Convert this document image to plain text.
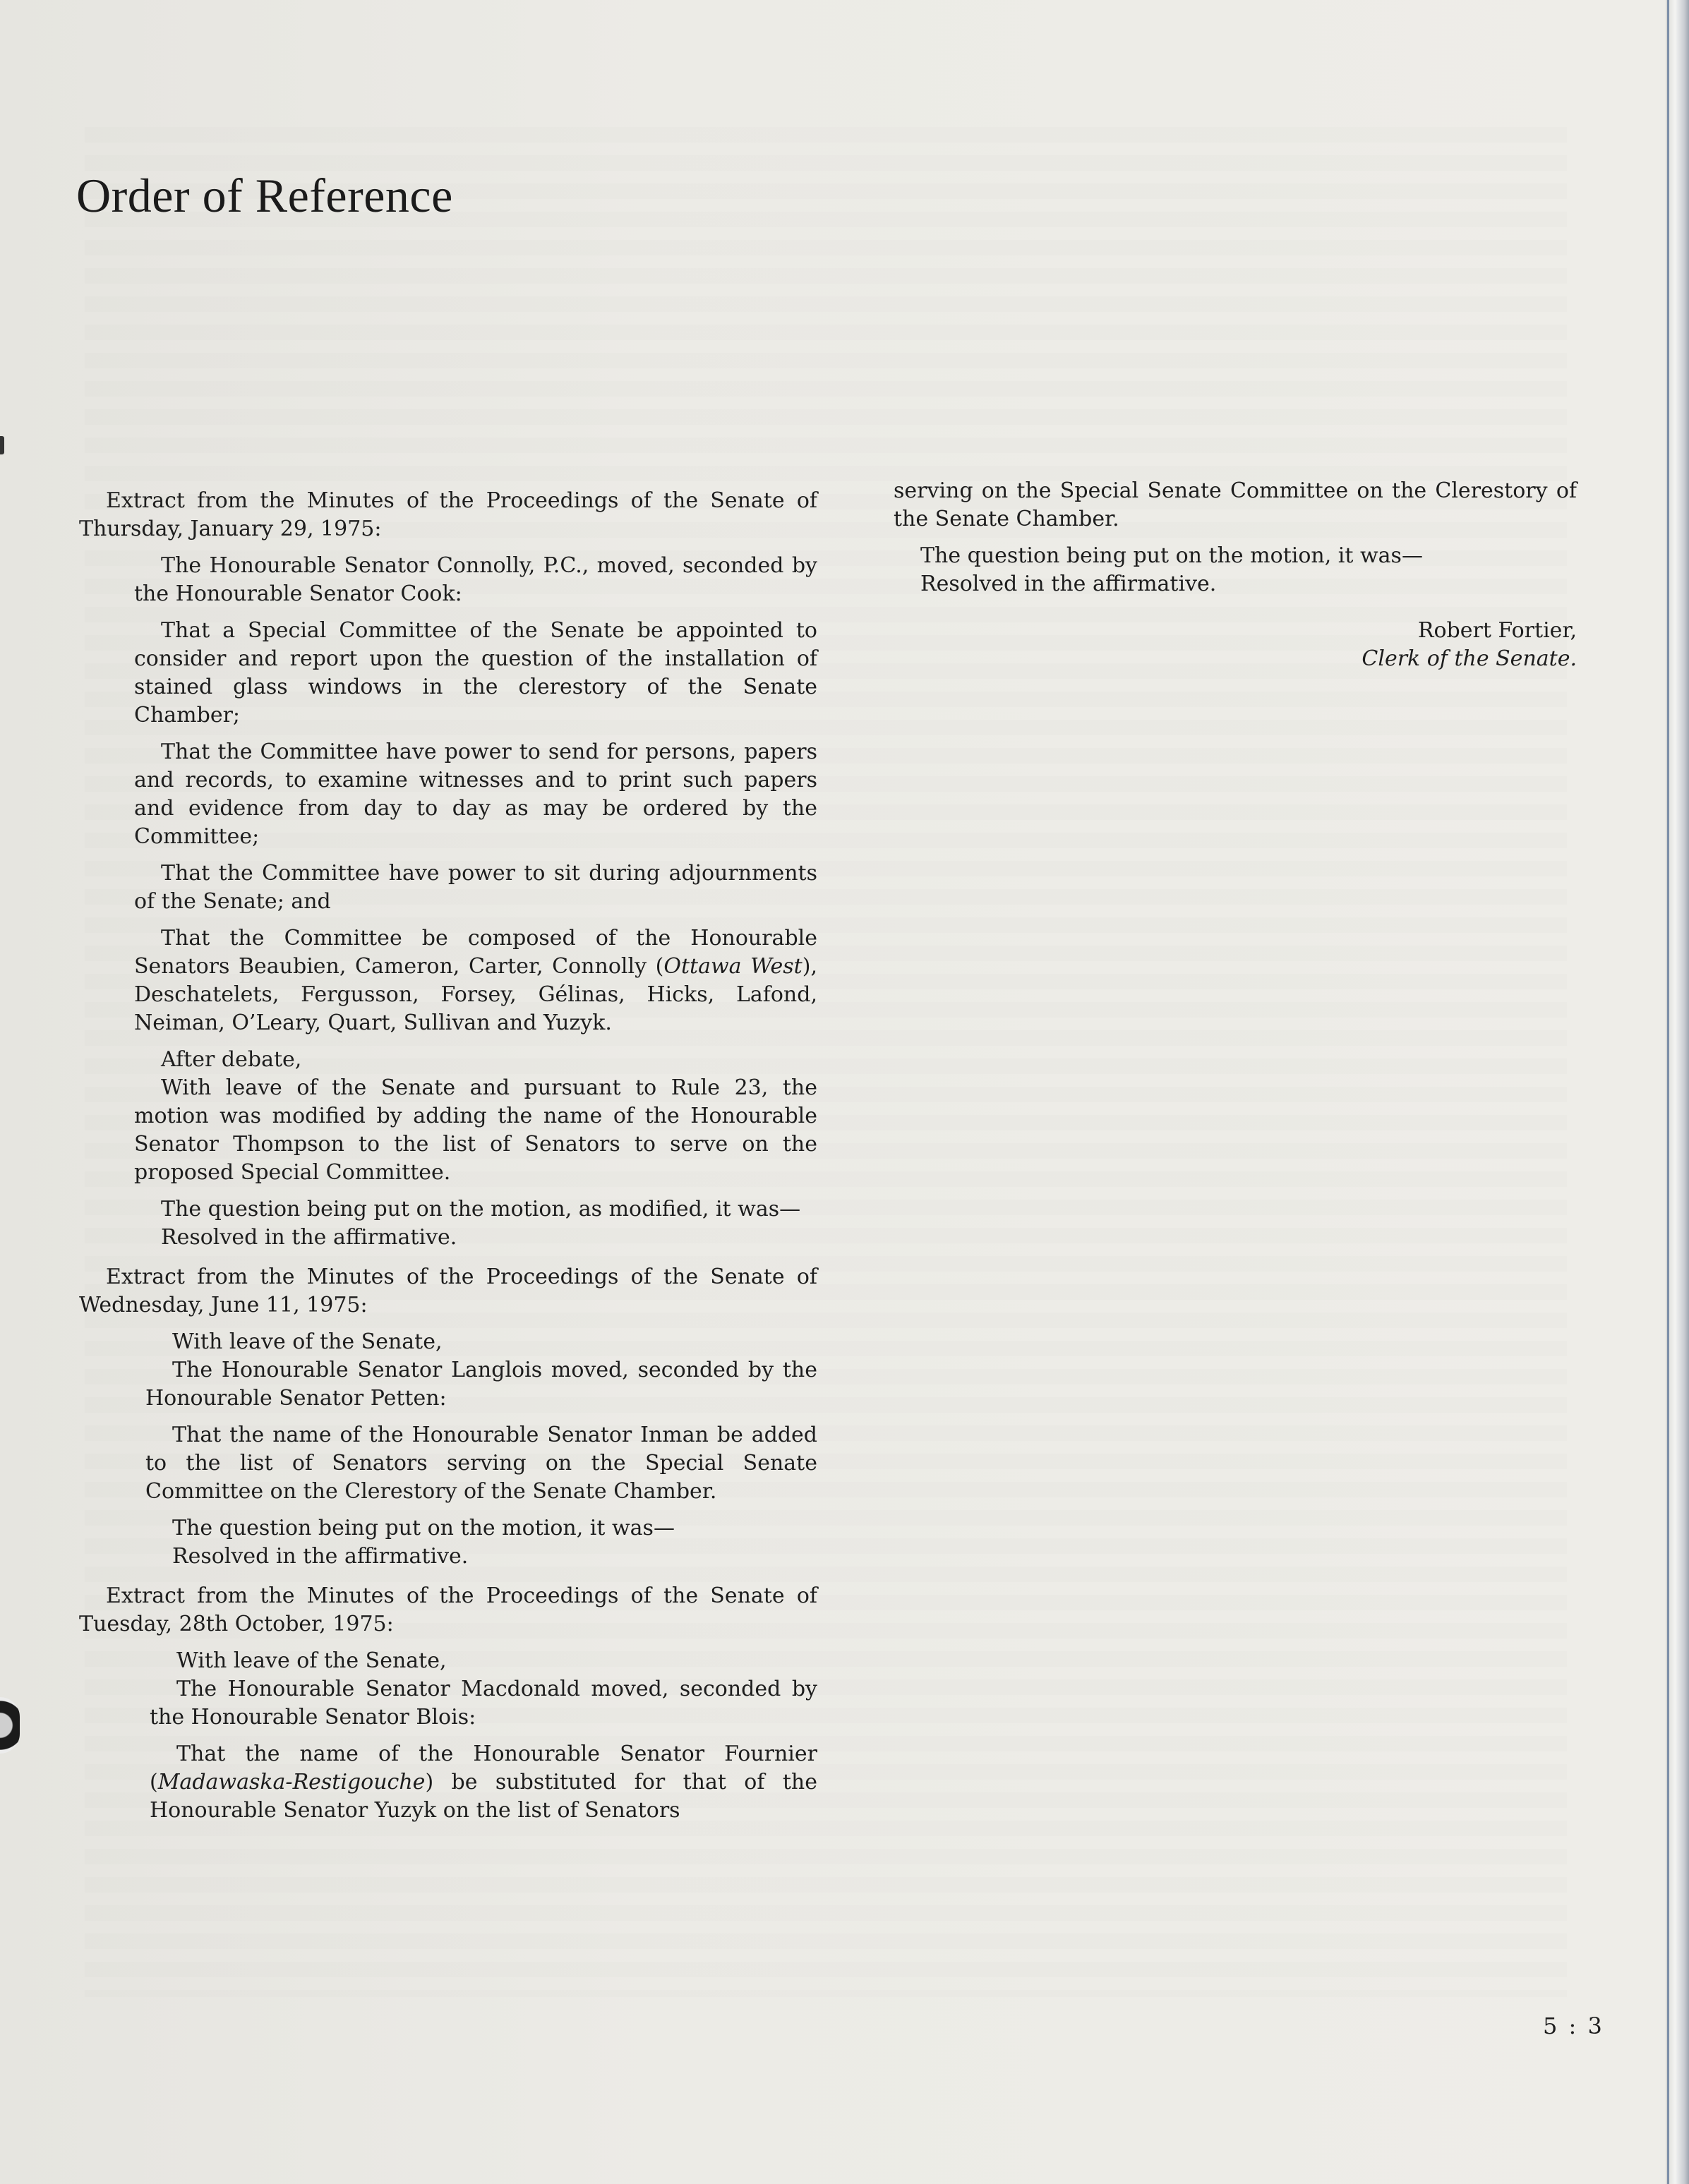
Order of Reference

Extract from the Minutes of the Proceedings of the Senate of Thursday, January 29, 1975:

The Honourable Senator Connolly, P.C., moved, seconded by the Honourable Senator Cook:

That a Special Committee of the Senate be appointed to consider and report upon the question of the installation of stained glass windows in the clerestory of the Senate Chamber;

That the Committee have power to send for persons, papers and records, to examine witnesses and to print such papers and evidence from day to day as may be ordered by the Committee;

That the Committee have power to sit during adjournments of the Senate; and

That the Committee be composed of the Honourable Senators Beaubien, Cameron, Carter, Connolly (Ottawa West), Deschatelets, Fergusson, Forsey, Gélinas, Hicks, Lafond, Neiman, O’Leary, Quart, Sullivan and Yuzyk.

After debate,

With leave of the Senate and pursuant to Rule 23, the motion was modified by adding the name of the Honourable Senator Thompson to the list of Senators to serve on the proposed Special Committee.

The question being put on the motion, as modified, it was—

Resolved in the affirmative.

Extract from the Minutes of the Proceedings of the Senate of Wednesday, June 11, 1975:

With leave of the Senate,

The Honourable Senator Langlois moved, seconded by the Honourable Senator Petten:

That the name of the Honourable Senator Inman be added to the list of Senators serving on the Special Senate Committee on the Clerestory of the Senate Chamber.

The question being put on the motion, it was—

Resolved in the affirmative.

Extract from the Minutes of the Proceedings of the Senate of Tuesday, 28th October, 1975:

With leave of the Senate,

The Honourable Senator Macdonald moved, seconded by the Honourable Senator Blois:

That the name of the Honourable Senator Fournier (Madawaska-Restigouche) be substituted for that of the Honourable Senator Yuzyk on the list of Senators

serving on the Special Senate Committee on the Clerestory of the Senate Chamber.

The question being put on the motion, it was—

Resolved in the affirmative.

Robert Fortier,

Clerk of the Senate.

5 : 3
